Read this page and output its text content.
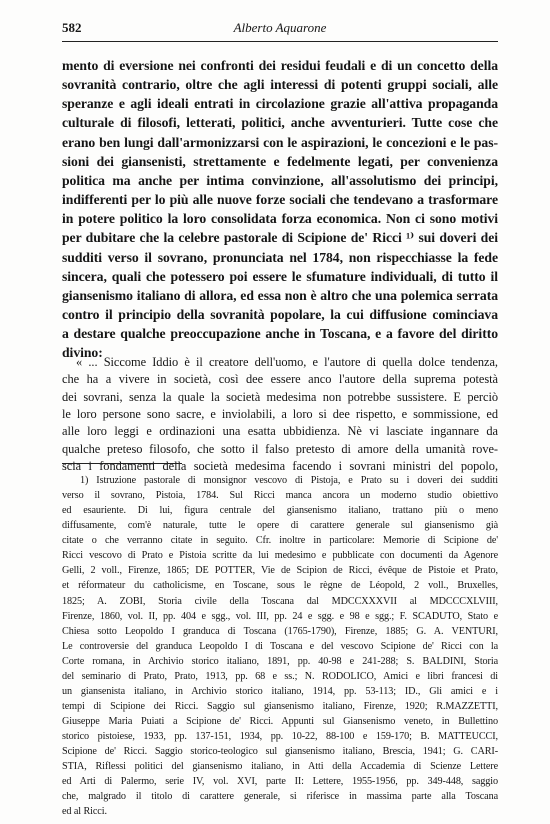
582	Alberto Aquarone
mento di eversione nei confronti dei residui feudali e di un concetto della
sovranità contrario, oltre che agli interessi di potenti gruppi sociali, alle
speranze e agli ideali entrati in circolazione grazie all'attiva propaganda
culturale di filosofi, letterati, politici, anche avventurieri. Tutte cose che
erano ben lungi dall'armonizzarsi con le aspirazioni, le concezioni e le pas-
sioni dei giansenisti, strettamente e fedelmente legati, per convenienza
politica ma anche per intima convinzione, all'assolutismo dei principi,
indifferenti per lo più alle nuove forze sociali che tendevano a trasformare
in potere politico la loro consolidata forza economica. Non ci sono motivi
per dubitare che la celebre pastorale di Scipione de' Ricci ¹⁾ sui doveri dei
sudditi verso il sovrano, pronunciata nel 1784, non rispecchiasse la fede
sincera, quali che potessero poi essere le sfumature individuali, di tutto il
giansenismo italiano di allora, ed essa non è altro che una polemica serrata
contro il principio della sovranità popolare, la cui diffusione cominciava
a destare qualche preoccupazione anche in Toscana, e a favore del diritto
divino:
« ... Siccome Iddio è il creatore dell'uomo, e l'autore di quella dolce tendenza,
che ha a vivere in società, così dee essere anco l'autore della suprema potestà
dei sovrani, senza la quale la società medesima non potrebbe sussistere. E perciò
le loro persone sono sacre, e inviolabili, a loro si dee rispetto, e sommissione, ed
alle loro leggi e ordinazioni una esatta ubbidienza. Nè vi lasciate ingannare da
qualche preteso filosofo, che sotto il falso pretesto di amore della umanità rove-
scia i fondamenti della società medesima facendo i sovrani ministri del popolo,
1) Istruzione pastorale di monsignor vescovo di Pistoja, e Prato su i doveri dei sudditi
verso il sovrano, Pistoia, 1784. Sul Ricci manca ancora un moderno studio obiettivo
ed esauriente. Di lui, figura centrale del giansenismo italiano, trattano più o meno
diffusamente, com'è naturale, tutte le opere di carattere generale sul giansenismo già
citate o che verranno citate in seguito. Cfr. inoltre in particolare: Memorie di Scipione de'
Ricci vescovo di Prato e Pistoia scritte da lui medesimo e pubblicate con documenti da Agenore
Gelli, 2 voll., Firenze, 1865; DE POTTER, Vie de Scipion de Ricci, évêque de Pistoie et Prato,
et réformateur du catholicisme, en Toscane, sous le règne de Léopold, 2 voll., Bruxelles,
1825; A. ZOBI, Storia civile della Toscana dal MDCCXXXVII al MDCCCXLVIII,
Firenze, 1860, vol. II, pp. 404 e sgg., vol. III, pp. 24 e sgg. e 98 e sgg.; F. SCADUTO, Stato e
Chiesa sotto Leopoldo I granduca di Toscana (1765-1790), Firenze, 1885; G. A. VENTURI,
Le controversie del granduca Leopoldo I di Toscana e del vescovo Scipione de' Ricci con la
Corte romana, in Archivio storico italiano, 1891, pp. 40-98 e 241-288; S. BALDINI, Storia
del seminario di Prato, Prato, 1913, pp. 68 e ss.; N. RODOLICO, Amici e libri francesi di
un giansenista italiano, in Archivio storico italiano, 1914, pp. 53-113; ID., Gli amici e i
tempi di Scipione dei Ricci. Saggio sul giansenismo italiano, Firenze, 1920; R.MAZZETTI,
Giuseppe Maria Puiati a Scipione de' Ricci. Appunti sul Giansenismo veneto, in Bullettino
storico pistoiese, 1933, pp. 137-151, 1934, pp. 10-22, 88-100 e 159-170; B. MATTEUCCI,
Scipione de' Ricci. Saggio storico-teologico sul giansenismo italiano, Brescia, 1941; G. CARI-
STIA, Riflessi politici del giansenismo italiano, in Atti della Accademia di Scienze Lettere
ed Arti di Palermo, serie IV, vol. XVI, parte II: Lettere, 1955-1956, pp. 349-448, saggio
che, malgrado il titolo di carattere generale, si riferisce in massima parte alla Toscana
ed al Ricci.
